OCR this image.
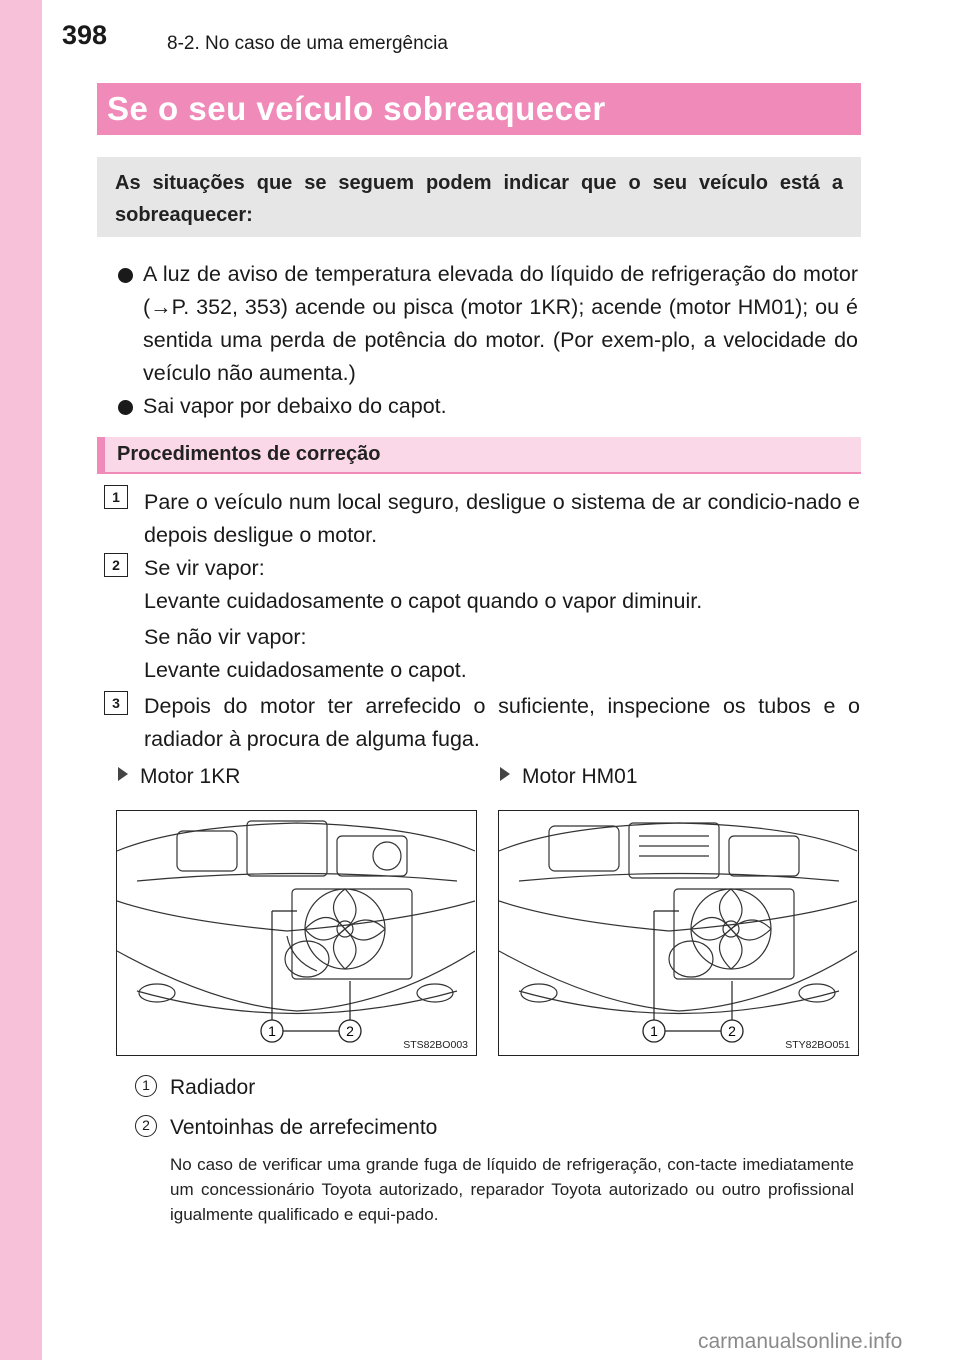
398	8-2. No caso de uma emergência
Se o seu veículo sobreaquecer
As situações que se seguem podem indicar que o seu veículo está a sobreaquecer:
A luz de aviso de temperatura elevada do líquido de refrigeração do motor (→P. 352, 353) acende ou pisca (motor 1KR); acende (motor HM01); ou é sentida uma perda de potência do motor. (Por exem-plo, a velocidade do veículo não aumenta.)
Sai vapor por debaixo do capot.
Procedimentos de correção
1	Pare o veículo num local seguro, desligue o sistema de ar condicio-nado e depois desligue o motor.
2	Se vir vapor:
Levante cuidadosamente o capot quando o vapor diminuir.
Se não vir vapor:
Levante cuidadosamente o capot.
3	Depois do motor ter arrefecido o suficiente, inspecione os tubos e o radiador à procura de alguma fuga.
Motor 1KR	Motor HM01
1	2
STS82BO003
1	2
STY82BO051
1 Radiador
2 Ventoinhas de arrefecimento
No caso de verificar uma grande fuga de líquido de refrigeração, con-tacte imediatamente um concessionário Toyota autorizado, reparador Toyota autorizado ou outro profissional igualmente qualificado e equi-pado.
carmanualsonline.info
